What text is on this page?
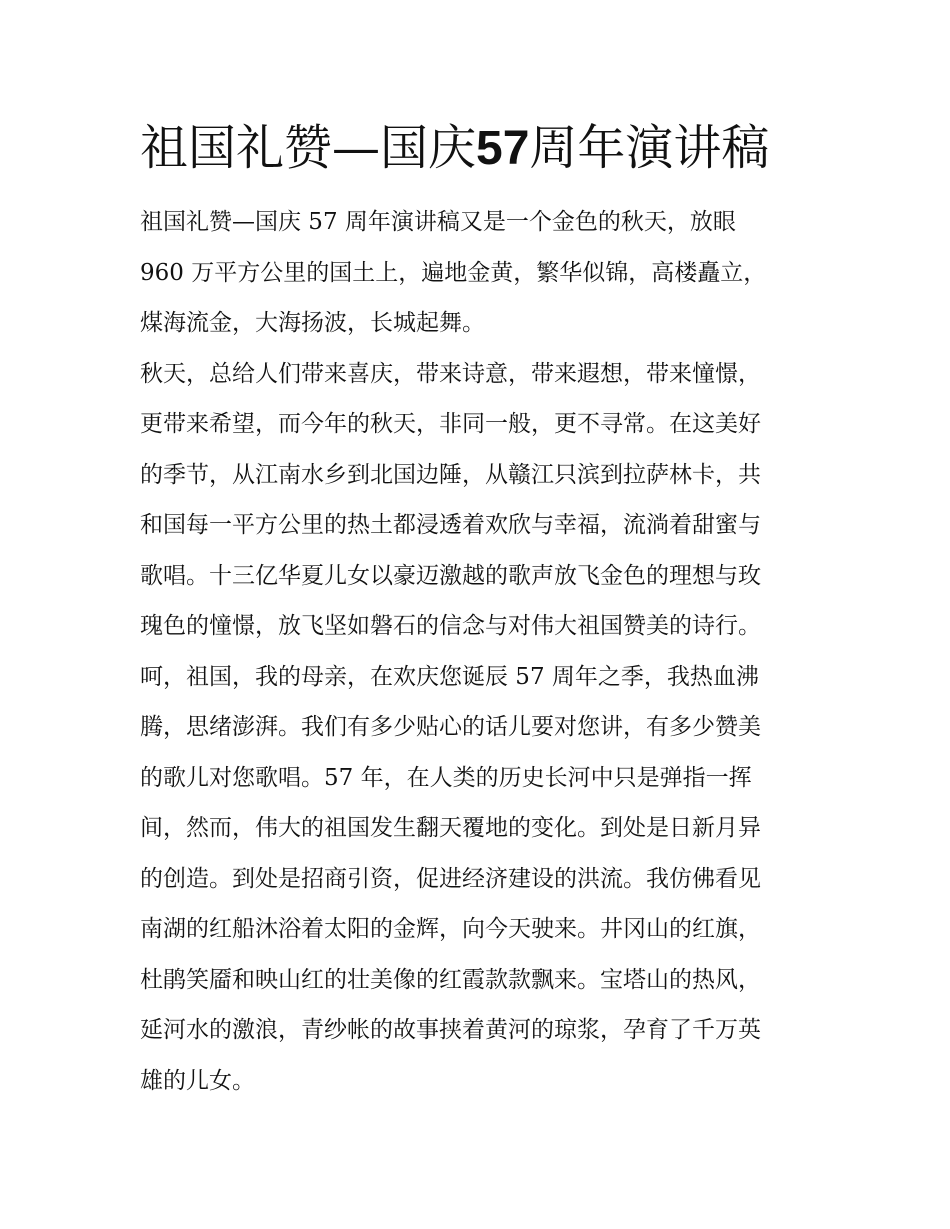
祖国礼赞—国庆57周年演讲稿
祖国礼赞—国庆 57 周年演讲稿又是一个金色的秋天，放眼
960 万平方公里的国土上，遍地金黄，繁华似锦，高楼矗立，
煤海流金，大海扬波，长城起舞。
秋天，总给人们带来喜庆，带来诗意，带来遐想，带来憧憬，
更带来希望，而今年的秋天，非同一般，更不寻常。在这美好
的季节，从江南水乡到北国边陲，从赣江只滨到拉萨林卡，共
和国每一平方公里的热土都浸透着欢欣与幸福，流淌着甜蜜与
歌唱。十三亿华夏儿女以豪迈激越的歌声放飞金色的理想与玫
瑰色的憧憬，放飞坚如磐石的信念与对伟大祖国赞美的诗行。
呵，祖国，我的母亲，在欢庆您诞辰 57 周年之季，我热血沸
腾，思绪澎湃。我们有多少贴心的话儿要对您讲，有多少赞美
的歌儿对您歌唱。57 年，在人类的历史长河中只是弹指一挥
间，然而，伟大的祖国发生翻天覆地的变化。到处是日新月异
的创造。到处是招商引资，促进经济建设的洪流。我仿佛看见
南湖的红船沐浴着太阳的金辉，向今天驶来。井冈山的红旗，
杜鹃笑靥和映山红的壮美像的红霞款款飘来。宝塔山的热风，
延河水的激浪，青纱帐的故事挟着黄河的琼浆，孕育了千万英
雄的儿女。
